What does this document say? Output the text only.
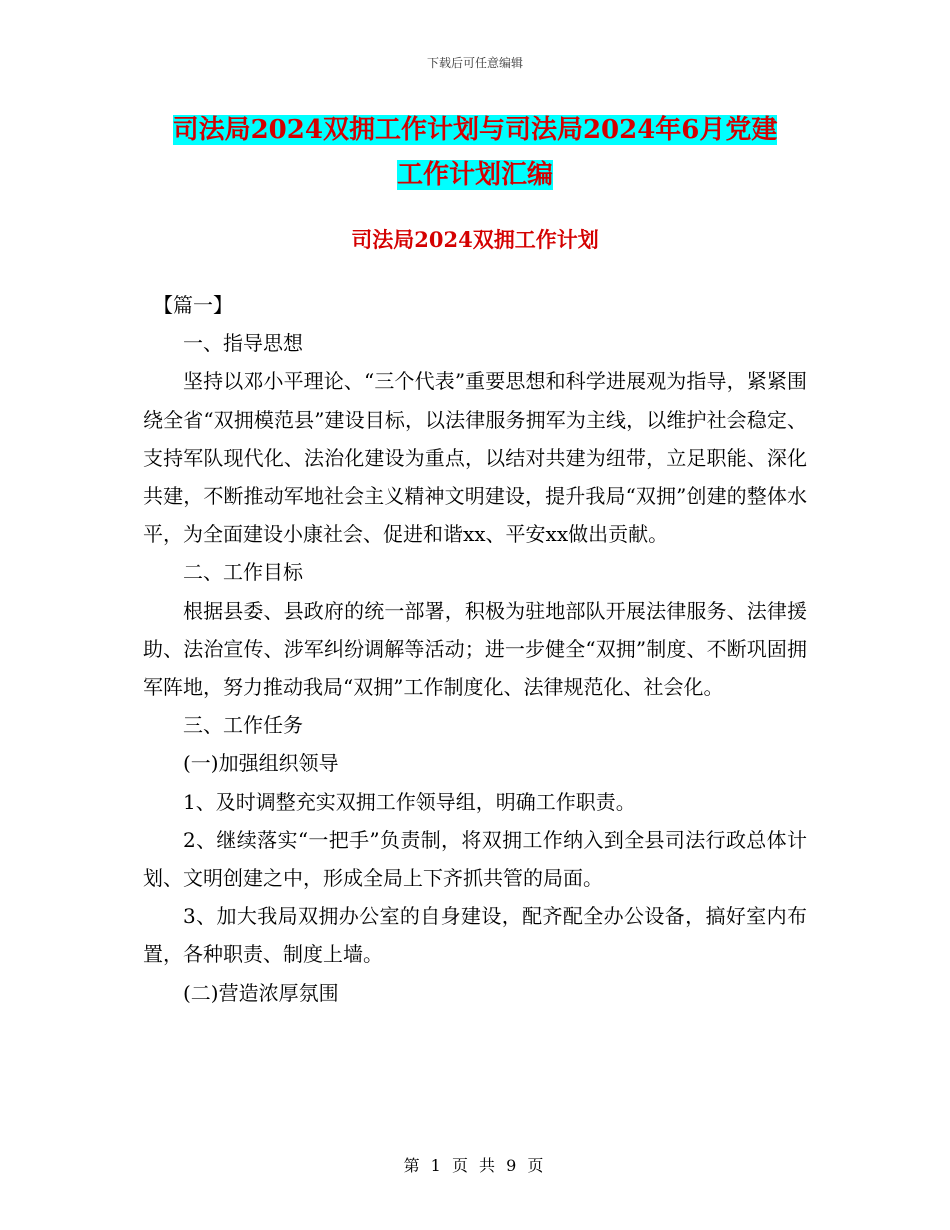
下载后可任意编辑
司法局2024双拥工作计划与司法局2024年6月党建
工作计划汇编
司法局2024双拥工作计划

【篇一】

一、指导思想

坚持以邓小平理论、“三个代表”重要思想和科学进展观为指导，紧紧围绕全省“双拥模范县”建设目标，以法律服务拥军为主线，以维护社会稳定、支持军队现代化、法治化建设为重点，以结对共建为纽带，立足职能、深化共建，不断推动军地社会主义精神文明建设，提升我局“双拥”创建的整体水平，为全面建设小康社会、促进和谐xx、平安xx做出贡献。

二、工作目标

根据县委、县政府的统一部署，积极为驻地部队开展法律服务、法律援助、法治宣传、涉军纠纷调解等活动；进一步健全“双拥”制度、不断巩固拥军阵地，努力推动我局“双拥”工作制度化、法律规范化、社会化。

三、工作任务

(一)加强组织领导

1、及时调整充实双拥工作领导组，明确工作职责。

2、继续落实“一把手”负责制，将双拥工作纳入到全县司法行政总体计划、文明创建之中，形成全局上下齐抓共管的局面。

3、加大我局双拥办公室的自身建设，配齐配全办公设备，搞好室内布置，各种职责、制度上墙。

(二)营造浓厚氛围

第 1 页 共 9 页
